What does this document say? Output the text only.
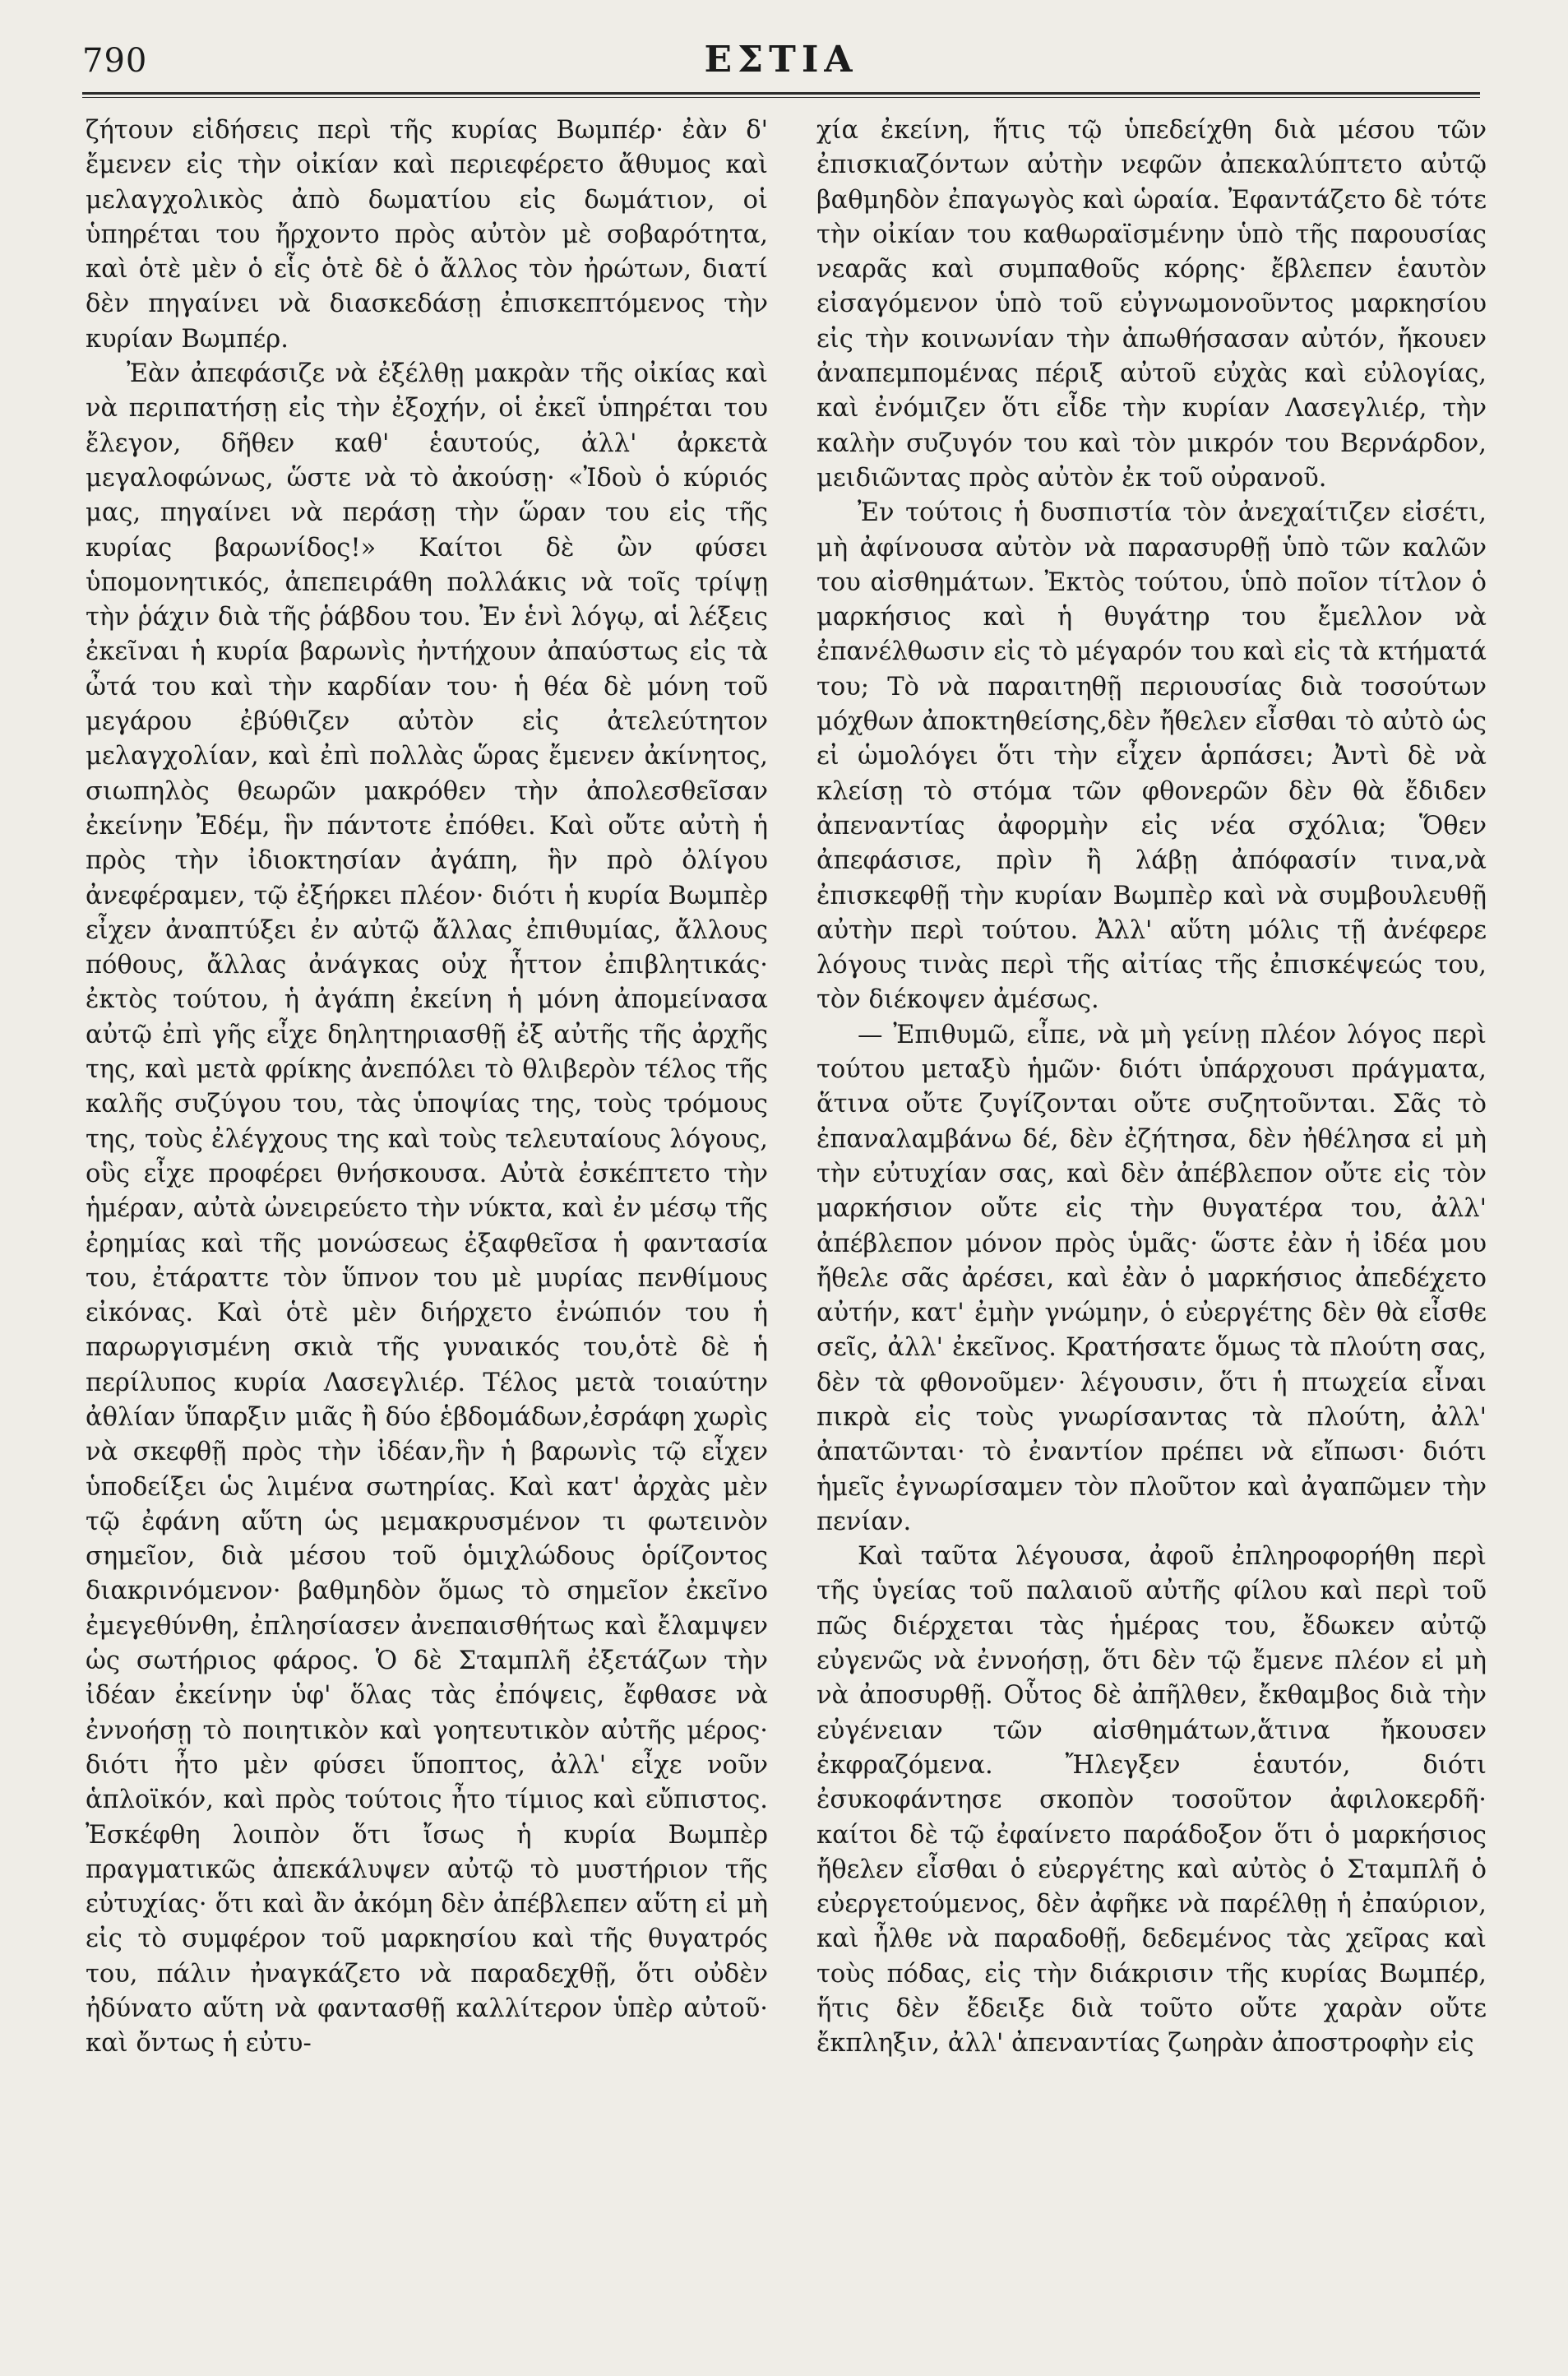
790	ΕΣΤΙΑ

ζήτουν εἰδήσεις περὶ τῆς κυρίας Βωμπέρ· ἐὰν δ' ἔμενεν εἰς τὴν οἰκίαν καὶ περιεφέρετο ἄθυμος καὶ μελαγχολικὸς ἀπὸ δωματίου εἰς δωμάτιον, οἱ ὑπηρέται του ἤρχοντο πρὸς αὐτὸν μὲ σοβαρότητα, καὶ ὁτὲ μὲν ὁ εἷς ὁτὲ δὲ ὁ ἄλλος τὸν ἠρώτων, διατί δὲν πηγαίνει νὰ διασκεδάσῃ ἐπισκεπτόμενος τὴν κυρίαν Βωμπέρ.

Ἐὰν ἀπεφάσιζε νὰ ἐξέλθῃ μακρὰν τῆς οἰκίας καὶ νὰ περιπατήσῃ εἰς τὴν ἐξοχήν, οἱ ἐκεῖ ὑπηρέται του ἔλεγον, δῆθεν καθ' ἑαυτούς, ἀλλ' ἀρκετὰ μεγαλοφώνως, ὥστε νὰ τὸ ἀκούσῃ· «Ἰδοὺ ὁ κύριός μας, πηγαίνει νὰ περάσῃ τὴν ὥραν του εἰς τῆς κυρίας βαρωνίδος!» Καίτοι δὲ ὢν φύσει ὑπομονητικός, ἀπεπειράθη πολλάκις νὰ τοῖς τρίψῃ τὴν ῥάχιν διὰ τῆς ῥάβδου του. Ἐν ἑνὶ λόγῳ, αἱ λέξεις ἐκεῖναι ἡ κυρία βαρωνὶς ἠντήχουν ἀπαύστως εἰς τὰ ὦτά του καὶ τὴν καρδίαν του· ἡ θέα δὲ μόνη τοῦ μεγάρου ἐβύθιζεν αὐτὸν εἰς ἀτελεύτητον μελαγχολίαν, καὶ ἐπὶ πολλὰς ὥρας ἔμενεν ἀκίνητος, σιωπηλὸς θεωρῶν μακρόθεν τὴν ἀπολεσθεῖσαν ἐκείνην Ἐδέμ, ἣν πάντοτε ἐπόθει. Καὶ οὔτε αὐτὴ ἡ πρὸς τὴν ἰδιοκτησίαν ἀγάπη, ἣν πρὸ ὀλίγου ἀνεφέραμεν, τῷ ἐξήρκει πλέον· διότι ἡ κυρία Βωμπὲρ εἶχεν ἀναπτύξει ἐν αὐτῷ ἄλλας ἐπιθυμίας, ἄλλους πόθους, ἄλλας ἀνάγκας οὐχ ἧττον ἐπιβλητικάς· ἐκτὸς τούτου, ἡ ἀγάπη ἐκείνη ἡ μόνη ἀπομείνασα αὐτῷ ἐπὶ γῆς εἶχε δηλητηριασθῇ ἐξ αὐτῆς τῆς ἀρχῆς της, καὶ μετὰ φρίκης ἀνεπόλει τὸ θλιβερὸν τέλος τῆς καλῆς συζύγου του, τὰς ὑποψίας της, τοὺς τρόμους της, τοὺς ἐλέγχους της καὶ τοὺς τελευταίους λόγους, οὓς εἶχε προφέρει θνήσκουσα. Αὐτὰ ἐσκέπτετο τὴν ἡμέραν, αὐτὰ ὠνειρεύετο τὴν νύκτα, καὶ ἐν μέσῳ τῆς ἐρημίας καὶ τῆς μονώσεως ἐξαφθεῖσα ἡ φαντασία του, ἐτάραττε τὸν ὕπνον του μὲ μυρίας πενθίμους εἰκόνας. Καὶ ὁτὲ μὲν διήρχετο ἐνώπιόν του ἡ παρωργισμένη σκιὰ τῆς γυναικός του,ὁτὲ δὲ ἡ περίλυπος κυρία Λασεγλιέρ. Τέλος μετὰ τοιαύτην ἀθλίαν ὕπαρξιν μιᾶς ἢ δύο ἑβδομάδων,ἐσράφη χωρὶς νὰ σκεφθῇ πρὸς τὴν ἰδέαν,ἣν ἡ βαρωνὶς τῷ εἶχεν ὑποδείξει ὡς λιμένα σωτηρίας. Καὶ κατ' ἀρχὰς μὲν τῷ ἐφάνη αὕτη ὡς μεμακρυσμένον τι φωτεινὸν σημεῖον, διὰ μέσου τοῦ ὁμιχλώδους ὁρίζοντος διακρινόμενον· βαθμηδὸν ὅμως τὸ σημεῖον ἐκεῖνο ἐμεγεθύνθη, ἐπλησίασεν ἀνεπαισθήτως καὶ ἔλαμψεν ὡς σωτήριος φάρος. Ὁ δὲ Σταμπλῆ ἐξετάζων τὴν ἰδέαν ἐκείνην ὑφ' ὅλας τὰς ἐπόψεις, ἔφθασε νὰ ἐννοήσῃ τὸ ποιητικὸν καὶ γοητευτικὸν αὐτῆς μέρος· διότι ἦτο μὲν φύσει ὕποπτος, ἀλλ' εἶχε νοῦν ἁπλοϊκόν, καὶ πρὸς τούτοις ἦτο τίμιος καὶ εὔπιστος. Ἐσκέφθη λοιπὸν ὅτι ἴσως ἡ κυρία Βωμπὲρ πραγματικῶς ἀπεκάλυψεν αὐτῷ τὸ μυστήριον τῆς εὐτυχίας· ὅτι καὶ ἂν ἀκόμη δὲν ἀπέβλεπεν αὕτη εἰ μὴ εἰς τὸ συμφέρον τοῦ μαρκησίου καὶ τῆς θυγατρός του, πάλιν ἠναγκάζετο νὰ παραδεχθῇ, ὅτι οὐδὲν ἠδύνατο αὕτη νὰ φαντασθῇ καλλίτερον ὑπὲρ αὐτοῦ· καὶ ὄντως ἡ εὐτυ-

χία ἐκείνη, ἥτις τῷ ὑπεδείχθη διὰ μέσου τῶν ἐπισκιαζόντων αὐτὴν νεφῶν ἀπεκαλύπτετο αὐτῷ βαθμηδὸν ἐπαγωγὸς καὶ ὡραία. Ἐφαντάζετο δὲ τότε τὴν οἰκίαν του καθωραϊσμένην ὑπὸ τῆς παρουσίας νεαρᾶς καὶ συμπαθοῦς κόρης· ἔβλεπεν ἑαυτὸν εἰσαγόμενον ὑπὸ τοῦ εὐγνωμονοῦντος μαρκησίου εἰς τὴν κοινωνίαν τὴν ἀπωθήσασαν αὐτόν, ἤκουεν ἀναπεμπομένας πέριξ αὐτοῦ εὐχὰς καὶ εὐλογίας, καὶ ἐνόμιζεν ὅτι εἶδε τὴν κυρίαν Λασεγλιέρ, τὴν καλὴν συζυγόν του καὶ τὸν μικρόν του Βερνάρδον, μειδιῶντας πρὸς αὐτὸν ἐκ τοῦ οὐρανοῦ.

Ἐν τούτοις ἡ δυσπιστία τὸν ἀνεχαίτιζεν εἰσέτι, μὴ ἀφίνουσα αὐτὸν νὰ παρασυρθῇ ὑπὸ τῶν καλῶν του αἰσθημάτων. Ἐκτὸς τούτου, ὑπὸ ποῖον τίτλον ὁ μαρκήσιος καὶ ἡ θυγάτηρ του ἔμελλον νὰ ἐπανέλθωσιν εἰς τὸ μέγαρόν του καὶ εἰς τὰ κτήματά του; Τὸ νὰ παραιτηθῇ περιουσίας διὰ τοσούτων μόχθων ἀποκτηθείσης,δὲν ἤθελεν εἶσθαι τὸ αὐτὸ ὡς εἰ ὡμολόγει ὅτι τὴν εἶχεν ἁρπάσει; Ἀντὶ δὲ νὰ κλείσῃ τὸ στόμα τῶν φθονερῶν δὲν θὰ ἔδιδεν ἀπεναντίας ἀφορμὴν εἰς νέα σχόλια; Ὅθεν ἀπεφάσισε, πρὶν ἢ λάβῃ ἀπόφασίν τινα,νὰ ἐπισκεφθῇ τὴν κυρίαν Βωμπὲρ καὶ νὰ συμβουλευθῇ αὐτὴν περὶ τούτου. Ἀλλ' αὕτη μόλις τῇ ἀνέφερε λόγους τινὰς περὶ τῆς αἰτίας τῆς ἐπισκέψεώς του, τὸν διέκοψεν ἀμέσως.

— Ἐπιθυμῶ, εἶπε, νὰ μὴ γείνῃ πλέον λόγος περὶ τούτου μεταξὺ ἡμῶν· διότι ὑπάρχουσι πράγματα, ἅτινα οὔτε ζυγίζονται οὔτε συζητοῦνται. Σᾶς τὸ ἐπαναλαμβάνω δέ, δὲν ἐζήτησα, δὲν ἠθέλησα εἰ μὴ τὴν εὐτυχίαν σας, καὶ δὲν ἀπέβλεπον οὔτε εἰς τὸν μαρκήσιον οὔτε εἰς τὴν θυγατέρα του, ἀλλ' ἀπέβλεπον μόνον πρὸς ὑμᾶς· ὥστε ἐὰν ἡ ἰδέα μου ἤθελε σᾶς ἀρέσει, καὶ ἐὰν ὁ μαρκήσιος ἀπεδέχετο αὐτήν, κατ' ἐμὴν γνώμην, ὁ εὐεργέτης δὲν θὰ εἶσθε σεῖς, ἀλλ' ἐκεῖνος. Κρατήσατε ὅμως τὰ πλούτη σας, δὲν τὰ φθονοῦμεν· λέγουσιν, ὅτι ἡ πτωχεία εἶναι πικρὰ εἰς τοὺς γνωρίσαντας τὰ πλούτη, ἀλλ' ἀπατῶνται· τὸ ἐναντίον πρέπει νὰ εἴπωσι· διότι ἡμεῖς ἐγνωρίσαμεν τὸν πλοῦτον καὶ ἀγαπῶμεν τὴν πενίαν.

Καὶ ταῦτα λέγουσα, ἀφοῦ ἐπληροφορήθη περὶ τῆς ὑγείας τοῦ παλαιοῦ αὐτῆς φίλου καὶ περὶ τοῦ πῶς διέρχεται τὰς ἡμέρας του, ἔδωκεν αὐτῷ εὐγενῶς νὰ ἐννοήσῃ, ὅτι δὲν τῷ ἔμενε πλέον εἰ μὴ νὰ ἀποσυρθῇ. Οὗτος δὲ ἀπῆλθεν, ἔκθαμβος διὰ τὴν εὐγένειαν τῶν αἰσθημάτων,ἅτινα ἤκουσεν ἐκφραζόμενα. Ἤλεγξεν ἑαυτόν, διότι ἐσυκοφάντησε σκοπὸν τοσοῦτον ἀφιλοκερδῆ· καίτοι δὲ τῷ ἐφαίνετο παράδοξον ὅτι ὁ μαρκήσιος ἤθελεν εἶσθαι ὁ εὐεργέτης καὶ αὐτὸς ὁ Σταμπλῆ ὁ εὐεργετούμενος, δὲν ἀφῆκε νὰ παρέλθῃ ἡ ἐπαύριον, καὶ ἦλθε νὰ παραδοθῇ, δεδεμένος τὰς χεῖρας καὶ τοὺς πόδας, εἰς τὴν διάκρισιν τῆς κυρίας Βωμπέρ, ἥτις δὲν ἔδειξε διὰ τοῦτο οὔτε χαρὰν οὔτε ἔκπληξιν, ἀλλ' ἀπεναντίας ζωηρὰν ἀποστροφὴν εἰς
